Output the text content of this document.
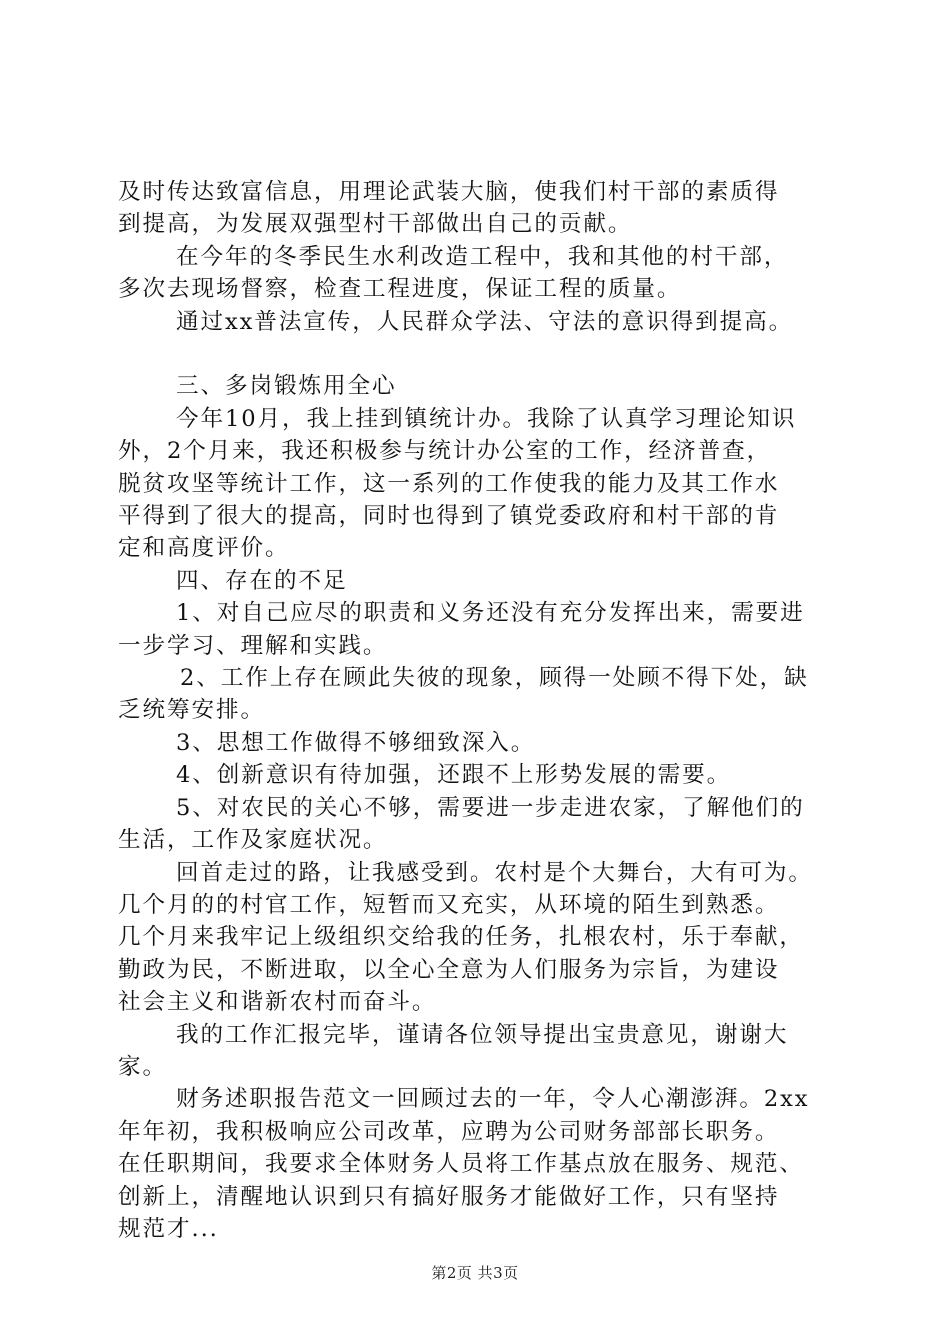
及时传达致富信息，用理论武装大脑，使我们村干部的素质得

到提高，为发展双强型村干部做出自己的贡献。

在今年的冬季民生水利改造工程中，我和其他的村干部，

多次去现场督察，检查工程进度，保证工程的质量。

通过xx普法宣传，人民群众学法、守法的意识得到提高。

三、多岗锻炼用全心

今年10月，我上挂到镇统计办。我除了认真学习理论知识

外，2个月来，我还积极参与统计办公室的工作，经济普查，

脱贫攻坚等统计工作，这一系列的工作使我的能力及其工作水

平得到了很大的提高，同时也得到了镇党委政府和村干部的肯

定和高度评价。

四、存在的不足

1、对自己应尽的职责和义务还没有充分发挥出来，需要进

一步学习、理解和实践。

2、工作上存在顾此失彼的现象，顾得一处顾不得下处，缺

乏统筹安排。

3、思想工作做得不够细致深入。

4、创新意识有待加强，还跟不上形势发展的需要。

5、对农民的关心不够，需要进一步走进农家，了解他们的

生活，工作及家庭状况。

回首走过的路，让我感受到。农村是个大舞台，大有可为。

几个月的的村官工作，短暂而又充实，从环境的陌生到熟悉。

几个月来我牢记上级组织交给我的任务，扎根农村，乐于奉献，

勤政为民，不断进取，以全心全意为人们服务为宗旨，为建设

社会主义和谐新农村而奋斗。

我的工作汇报完毕，谨请各位领导提出宝贵意见，谢谢大

家。

财务述职报告范文一回顾过去的一年，令人心潮澎湃。2xx

年年初，我积极响应公司改革，应聘为公司财务部部长职务。

在任职期间，我要求全体财务人员将工作基点放在服务、规范、

创新上，清醒地认识到只有搞好服务才能做好工作，只有坚持

规范才...

第2页 共3页
